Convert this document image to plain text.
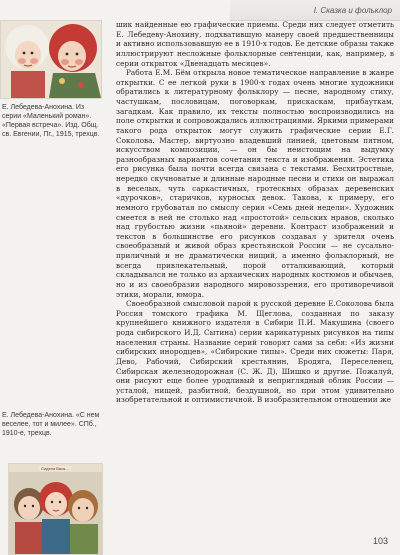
I. Сказка и фольклор
Е. Лебедева-Анохина. Из серии «Маленький роман». «Первая встреча». Изд. Общ. св. Евгении, Пг., 1915, трехцв.
Е. Лебедева-Анохина. «С нем веселее, тот и милее». СПб., 1910-е, трехцв.
Сидела Вася...

шик найденные ею графические приемы. Среди них следует отметить Е. Лебедеву-Анохину, подхватившую манеру своей предшественницы и активно использовавшую ее в 1910-х годов. Ее детские образы также иллюстрируют несложные фольклорные сентенции, как, например, в серии открыток «Двенадцать месяцев».

Работа Е.М. Бём открыла новое тематическое направление в жанре открытки. С ее легкой руки в 1900-х годах очень многие художники обратились к литературному фольклору — песне, народному стиху, частушкам, пословицам, поговоркам, прискаскам, прибауткам, загадкам. Как правило, их тексты полностью воспроизводились на поле открытки и сопровождались иллюстрациями. Яркими примерами такого рода открыток могут служить графические серии Е.Г. Соколова. Мастер, виртуозно владевший линией, цветовым пятном, искусством композиции, — он бы неистощим на выдумку разнообразных вариантов сочетания текста и изображения. Эстетика его рисунка была почти всегда связана с текстами. Бесхитростные, нередко скучноватые и длинные народные песни и стихи он выражал в веселых, чуть саркастичных, гротескных образах деревенских «дурочков», старичков, курносых девок. Такова, к примеру, его немного грубоватая по смыслу серия «Семь дней недели». Художник смеется в ней не столько над «простотой» сельских нравов, сколько над грубостью жизни «пьяной» деревни. Контраст изображений и текстов в большинстве его рисунков создавал у зрителя очень своеобразный и живой образ крестьянской России — не сусально-приличный и не драматически нищий, а именно фольклорный, не всегда привлекательный, порой отталкивающий, который складывался не только из архаических народных костюмов и обычаев, но и из своеобразия народного мировоззрения, его противоречивой этики, морали, юмора.

Своеобразной смысловой парой к русской деревне Е.Соколова была Россия томского графика М. Щеглова, созданная по заказу крупнейшего книжного издателя в Сибири П.И. Макушина (своего рода сибирского И.Д. Сытина) серии карикатурных рисунков на типы населения страны. Название серий говорят сами за себя: «Из жизни сибирских инородцев», «Сибирские типы». Среди них сюжеты: Паря, Дево, Рабочий, Сибирский крестьянин, Бродяга, Переселенец, Сибирская железнодорожная (С. Ж. Д), Шишко и другие. Пожалуй, они рисуют еще более уродливый и неприглядный облик России — усталой, нищей, разбитной, бездушной, но при этом удивительно изобретательной и оптимистичной. В изобразительном отношении же

103
